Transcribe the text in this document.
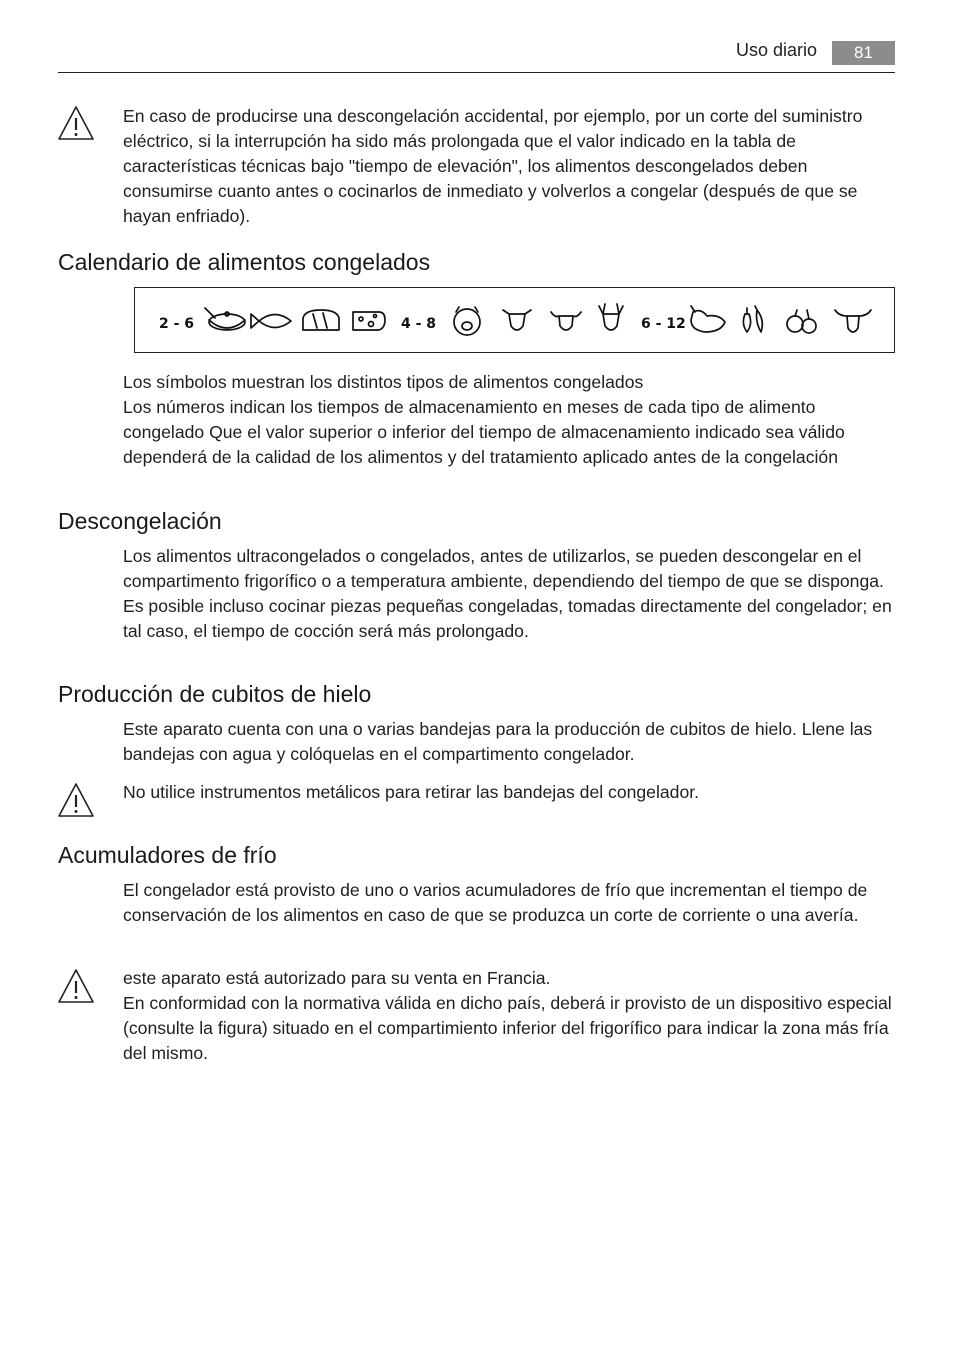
Uso diario	81

En caso de producirse una descongelación accidental, por ejemplo, por un corte del suministro eléctrico, si la interrupción ha sido más prolongada que el valor indicado en la tabla de características técnicas bajo "tiempo de elevación", los alimentos descongelados deben consumirse cuanto antes o cocinarlos de inmediato y volverlos a congelar (después de que se hayan enfriado).

Calendario de alimentos congelados
2 - 6	4 - 8	6 - 12

Los símbolos muestran los distintos tipos de alimentos congelados

Los números indican los tiempos de almacenamiento en meses de cada tipo de alimento congelado Que el valor superior o inferior del tiempo de almacenamiento indicado sea válido dependerá de la calidad de los alimentos y del tratamiento aplicado antes de la congelación

Descongelación

Los alimentos ultracongelados o congelados, antes de utilizarlos, se pueden descongelar en el compartimento frigorífico o a temperatura ambiente, dependiendo del tiempo de que se disponga.

Es posible incluso cocinar piezas pequeñas congeladas, tomadas directamente del congelador; en tal caso, el tiempo de cocción será más prolongado.

Producción de cubitos de hielo

Este aparato cuenta con una o varias bandejas para la producción de cubitos de hielo. Llene las bandejas con agua y colóquelas en el compartimento congelador.

No utilice instrumentos metálicos para retirar las bandejas del congelador.

Acumuladores de frío

El congelador está provisto de uno o varios acumuladores de frío que incrementan el tiempo de conservación de los alimentos en caso de que se produzca un corte de corriente o una avería.

este aparato está autorizado para su venta en Francia.

En conformidad con la normativa válida en dicho país, deberá ir provisto de un dispositivo especial (consulte la figura) situado en el compartimiento inferior del frigorífico para indicar la zona más fría del mismo.
